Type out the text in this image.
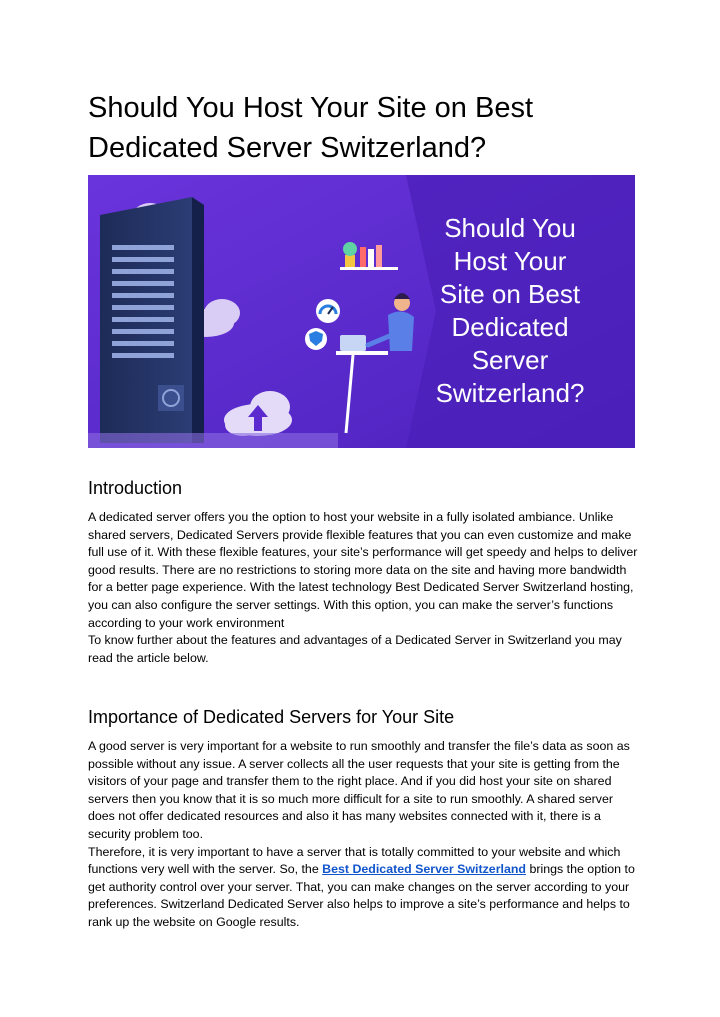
Should You Host Your Site on Best
Dedicated Server Switzerland?
Should You
Host Your
Site on Best
Dedicated
Server
Switzerland?
Introduction

A dedicated server offers you the option to host your website in a fully isolated ambiance. Unlike shared servers, Dedicated Servers provide flexible features that you can even customize and make full use of it. With these flexible features, your site’s performance will get speedy and helps to deliver good results. There are no restrictions to storing more data on the site and having more bandwidth for a better page experience. With the latest technology Best Dedicated Server Switzerland hosting, you can also configure the server settings. With this option, you can make the server’s functions according to your work environment

To know further about the features and advantages of a Dedicated Server in Switzerland you may read the article below.

Importance of Dedicated Servers for Your Site

A good server is very important for a website to run smoothly and transfer the file’s data as soon as possible without any issue. A server collects all the user requests that your site is getting from the visitors of your page and transfer them to the right place. And if you did host your site on shared servers then you know that it is so much more difficult for a site to run smoothly. A shared server does not offer dedicated resources and also it has many websites connected with it, there is a security problem too.

Therefore, it is very important to have a server that is totally committed to your website and which functions very well with the server. So, the Best Dedicated Server Switzerland brings the option to get authority control over your server. That, you can make changes on the server according to your preferences. Switzerland Dedicated Server also helps to improve a site’s performance and helps to rank up the website on Google results.
